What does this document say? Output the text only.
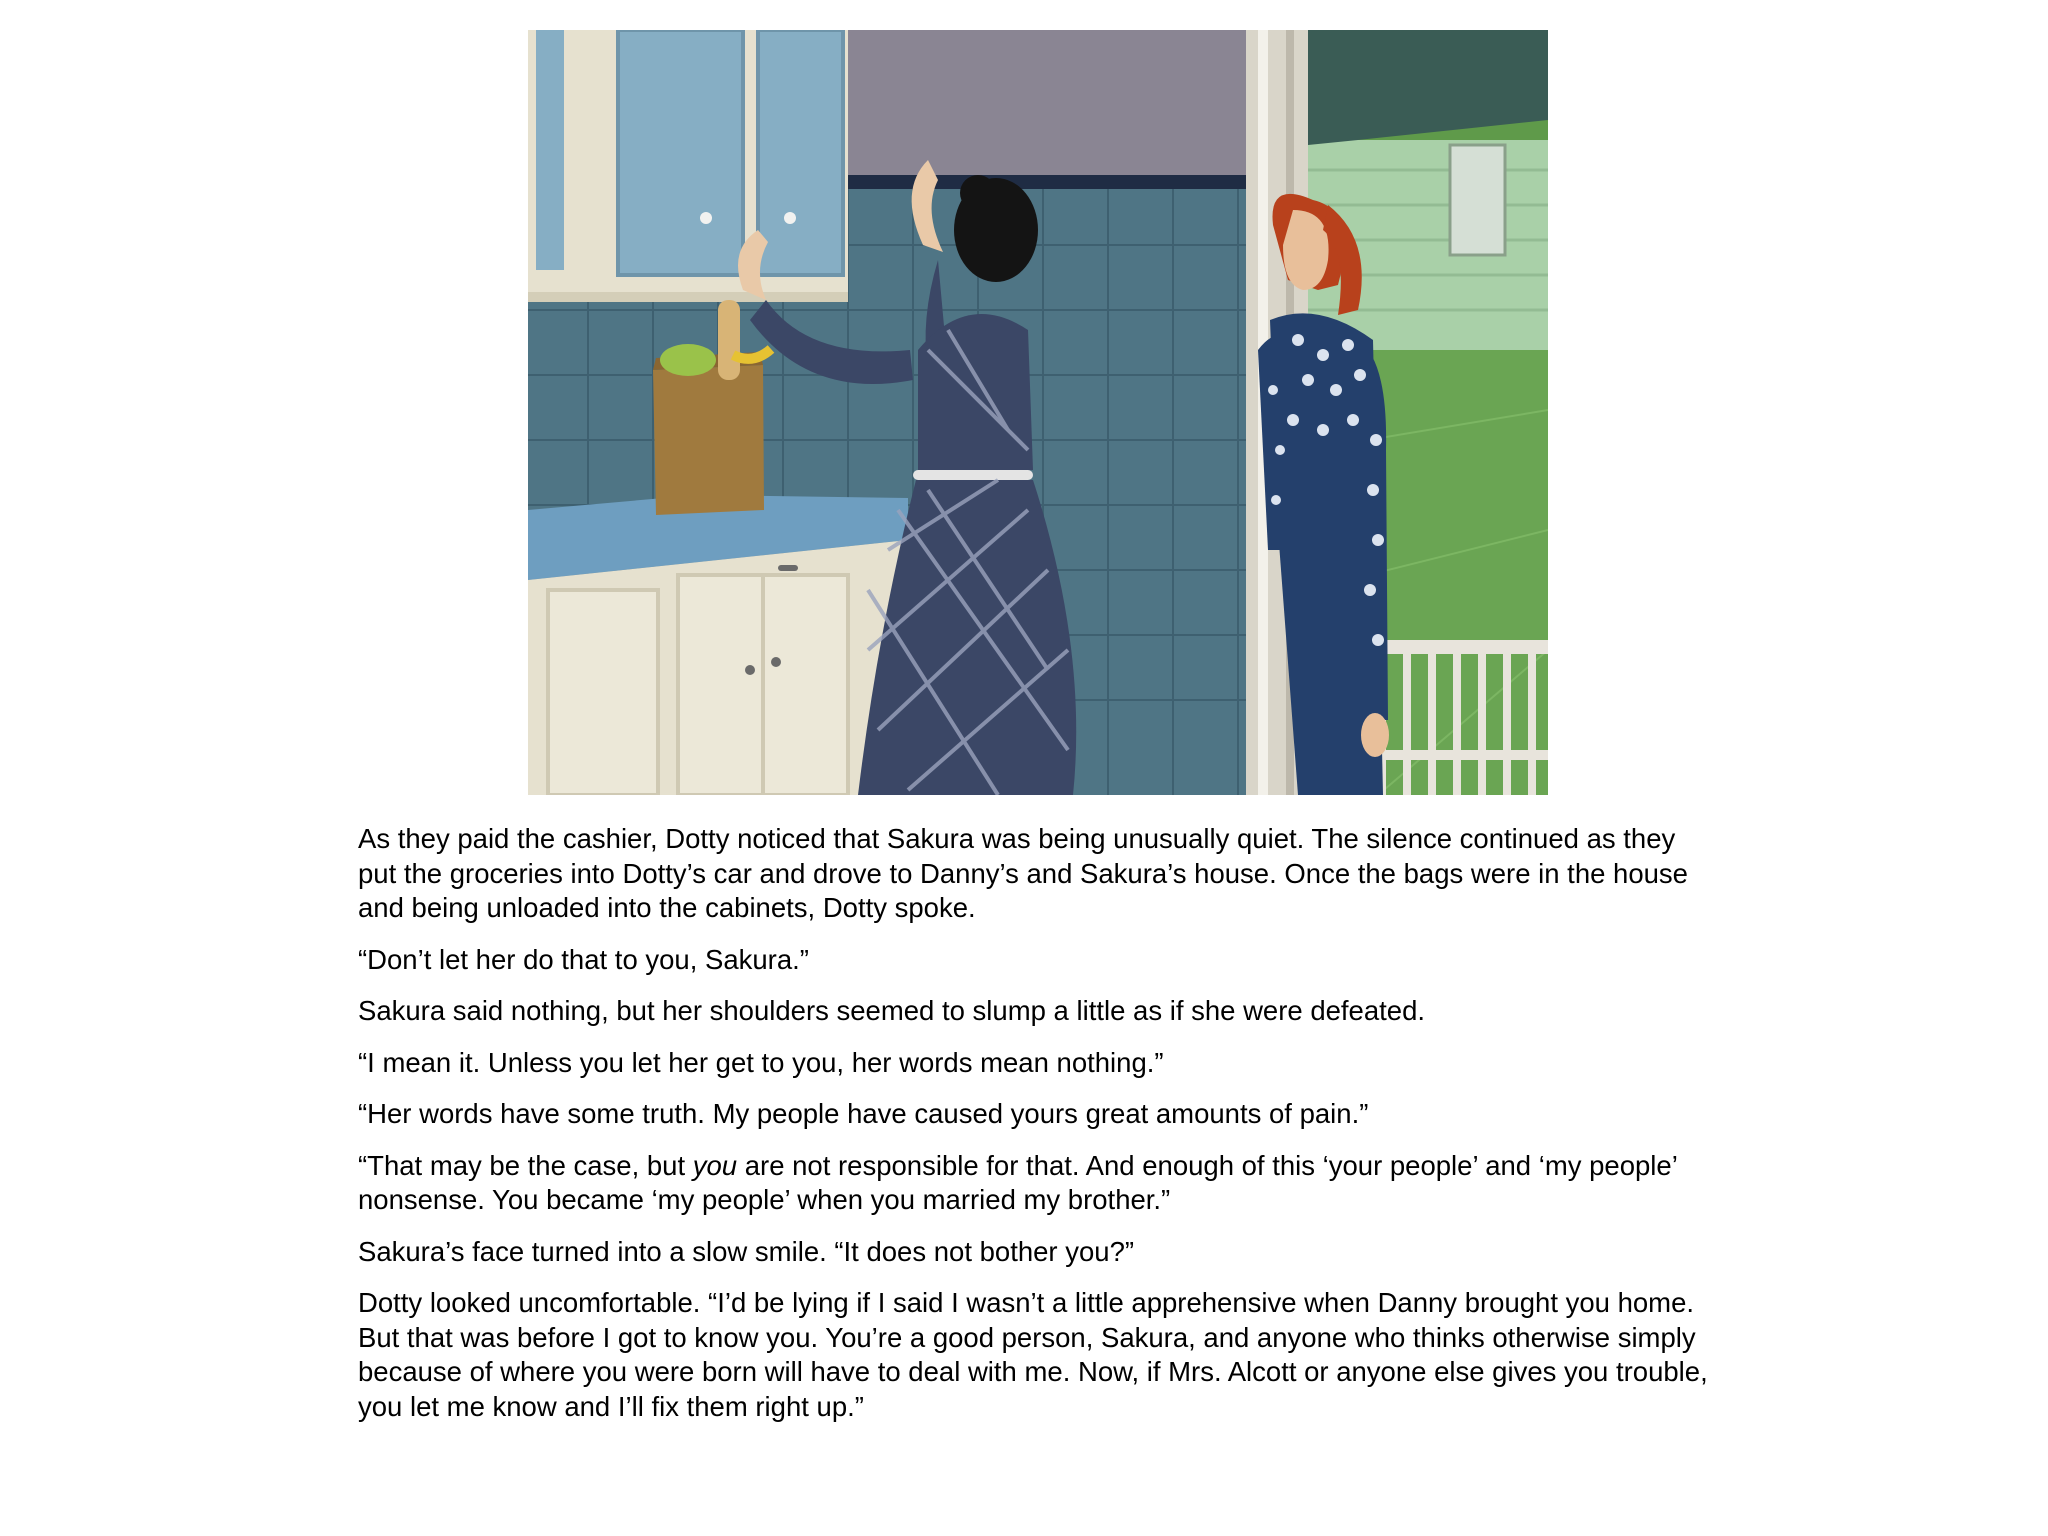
As they paid the cashier, Dotty noticed that Sakura was being unusually quiet. The silence continued as they put the groceries into Dotty’s car and drove to Danny’s and Sakura’s house. Once the bags were in the house and being unloaded into the cabinets, Dotty spoke.

“Don’t let her do that to you, Sakura.”

Sakura said nothing, but her shoulders seemed to slump a little as if she were defeated.

“I mean it. Unless you let her get to you, her words mean nothing.”

“Her words have some truth. My people have caused yours great amounts of pain.”

“That may be the case, but you are not responsible for that. And enough of this ‘your people’ and ‘my people’ nonsense. You became ‘my people’ when you married my brother.”

Sakura’s face turned into a slow smile. “It does not bother you?”

Dotty looked uncomfortable. “I’d be lying if I said I wasn’t a little apprehensive when Danny brought you home. But that was before I got to know you. You’re a good person, Sakura, and anyone who thinks otherwise simply because of where you were born will have to deal with me. Now, if Mrs. Alcott or anyone else gives you trouble, you let me know and I’ll fix them right up.”
